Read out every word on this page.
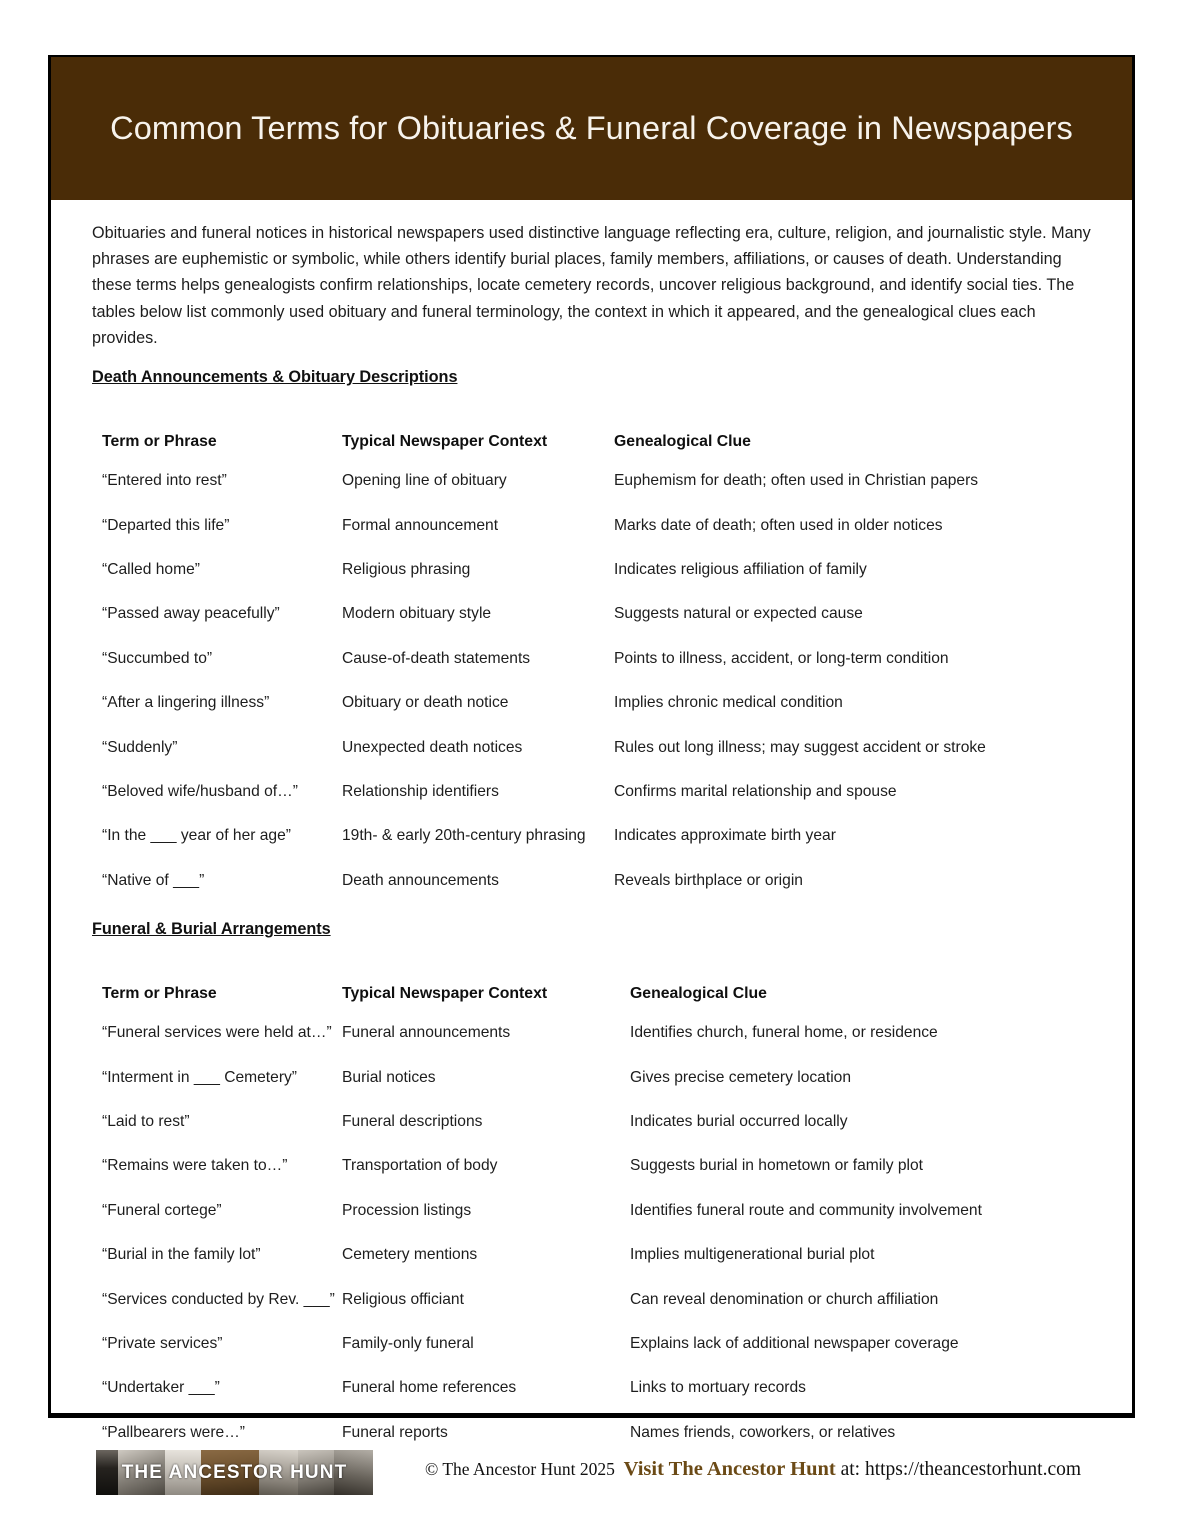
Common Terms for Obituaries & Funeral Coverage in Newspapers

Obituaries and funeral notices in historical newspapers used distinctive language reflecting era, culture, religion, and journalistic style. Many phrases are euphemistic or symbolic, while others identify burial places, family members, affiliations, or causes of death. Understanding these terms helps genealogists confirm relationships, locate cemetery records, uncover religious background, and identify social ties. The tables below list commonly used obituary and funeral terminology, the context in which it appeared, and the genealogical clues each provides.

Death Announcements & Obituary Descriptions
Term or Phrase	Typical Newspaper Context	Genealogical Clue
“Entered into rest”	Opening line of obituary	Euphemism for death; often used in Christian papers
“Departed this life”	Formal announcement	Marks date of death; often used in older notices
“Called home”	Religious phrasing	Indicates religious affiliation of family
“Passed away peacefully”	Modern obituary style	Suggests natural or expected cause
“Succumbed to”	Cause-of-death statements	Points to illness, accident, or long-term condition
“After a lingering illness”	Obituary or death notice	Implies chronic medical condition
“Suddenly”	Unexpected death notices	Rules out long illness; may suggest accident or stroke
“Beloved wife/husband of…”	Relationship identifiers	Confirms marital relationship and spouse
“In the ___ year of her age”	19th- & early 20th-century phrasing	Indicates approximate birth year
“Native of ___”	Death announcements	Reveals birthplace or origin
Funeral & Burial Arrangements
Term or Phrase	Typical Newspaper Context	Genealogical Clue
“Funeral services were held at…”	Funeral announcements	Identifies church, funeral home, or residence
“Interment in ___ Cemetery”	Burial notices	Gives precise cemetery location
“Laid to rest”	Funeral descriptions	Indicates burial occurred locally
“Remains were taken to…”	Transportation of body	Suggests burial in hometown or family plot
“Funeral cortege”	Procession listings	Identifies funeral route and community involvement
“Burial in the family lot”	Cemetery mentions	Implies multigenerational burial plot
“Services conducted by Rev. ___”	Religious officiant	Can reveal denomination or church affiliation
“Private services”	Family-only funeral	Explains lack of additional newspaper coverage
“Undertaker ___”	Funeral home references	Links to mortuary records
“Pallbearers were…”	Funeral reports	Names friends, coworkers, or relatives
THE ANCESTOR HUNT	© The Ancestor Hunt 2025 Visit The Ancestor Hunt at: https://theancestorhunt.com
